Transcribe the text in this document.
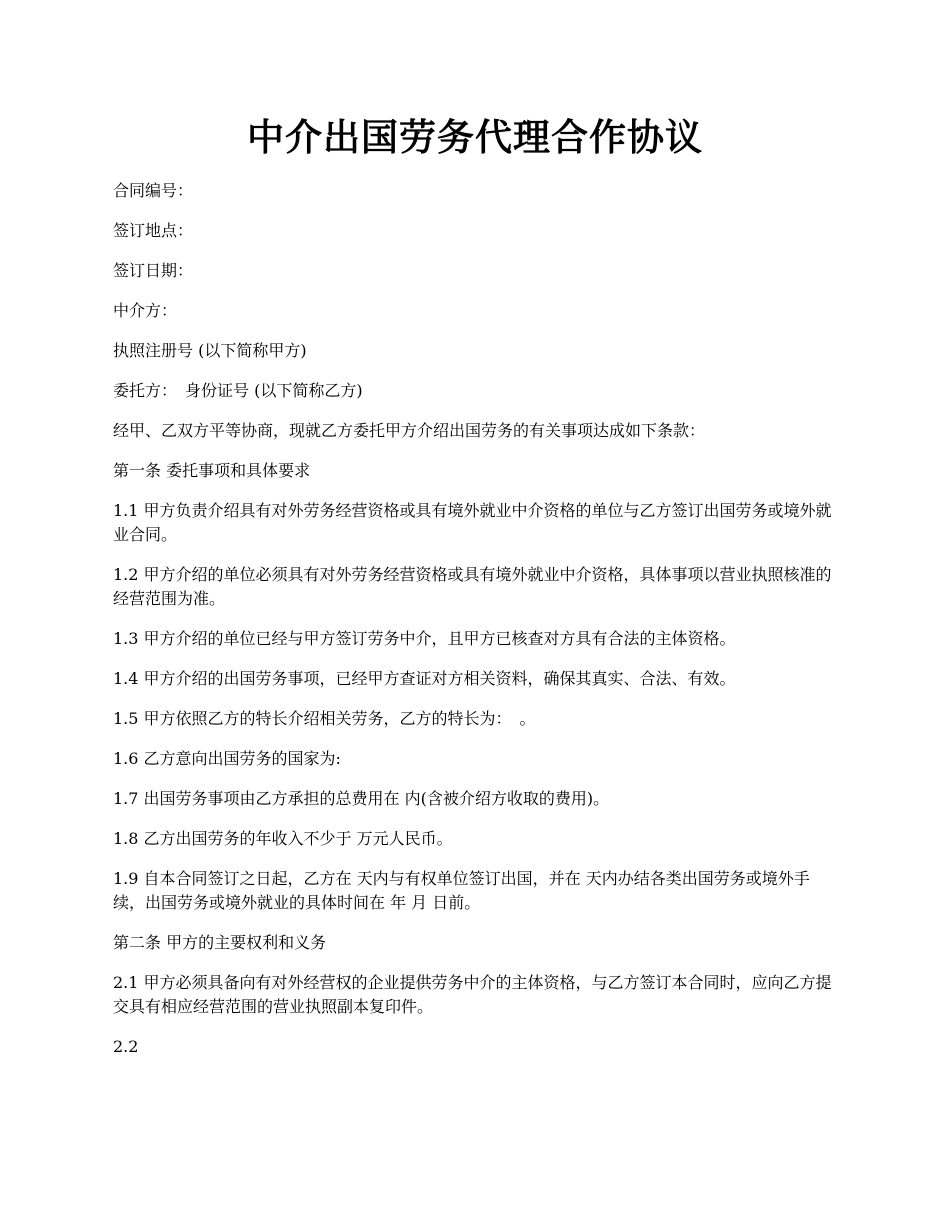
中介出国劳务代理合作协议

合同编号：

签订地点：

签订日期：

中介方：

执照注册号 (以下简称甲方)

委托方：　身份证号 (以下简称乙方)

经甲、乙双方平等协商，现就乙方委托甲方介绍出国劳务的有关事项达成如下条款：

第一条 委托事项和具体要求

1.1 甲方负责介绍具有对外劳务经营资格或具有境外就业中介资格的单位与乙方签订出国劳务或境外就业合同。

1.2 甲方介绍的单位必须具有对外劳务经营资格或具有境外就业中介资格，具体事项以营业执照核准的经营范围为准。

1.3 甲方介绍的单位已经与甲方签订劳务中介，且甲方已核查对方具有合法的主体资格。

1.4 甲方介绍的出国劳务事项，已经甲方查证对方相关资料，确保其真实、合法、有效。

1.5 甲方依照乙方的特长介绍相关劳务，乙方的特长为：　。

1.6 乙方意向出国劳务的国家为:

1.7 出国劳务事项由乙方承担的总费用在 内(含被介绍方收取的费用)。

1.8 乙方出国劳务的年收入不少于 万元人民币。

1.9 自本合同签订之日起，乙方在 天内与有权单位签订出国，并在 天内办结各类出国劳务或境外手续，出国劳务或境外就业的具体时间在 年 月 日前。

第二条 甲方的主要权利和义务

2.1 甲方必须具备向有对外经营权的企业提供劳务中介的主体资格，与乙方签订本合同时，应向乙方提交具有相应经营范围的营业执照副本复印件。

2.2
